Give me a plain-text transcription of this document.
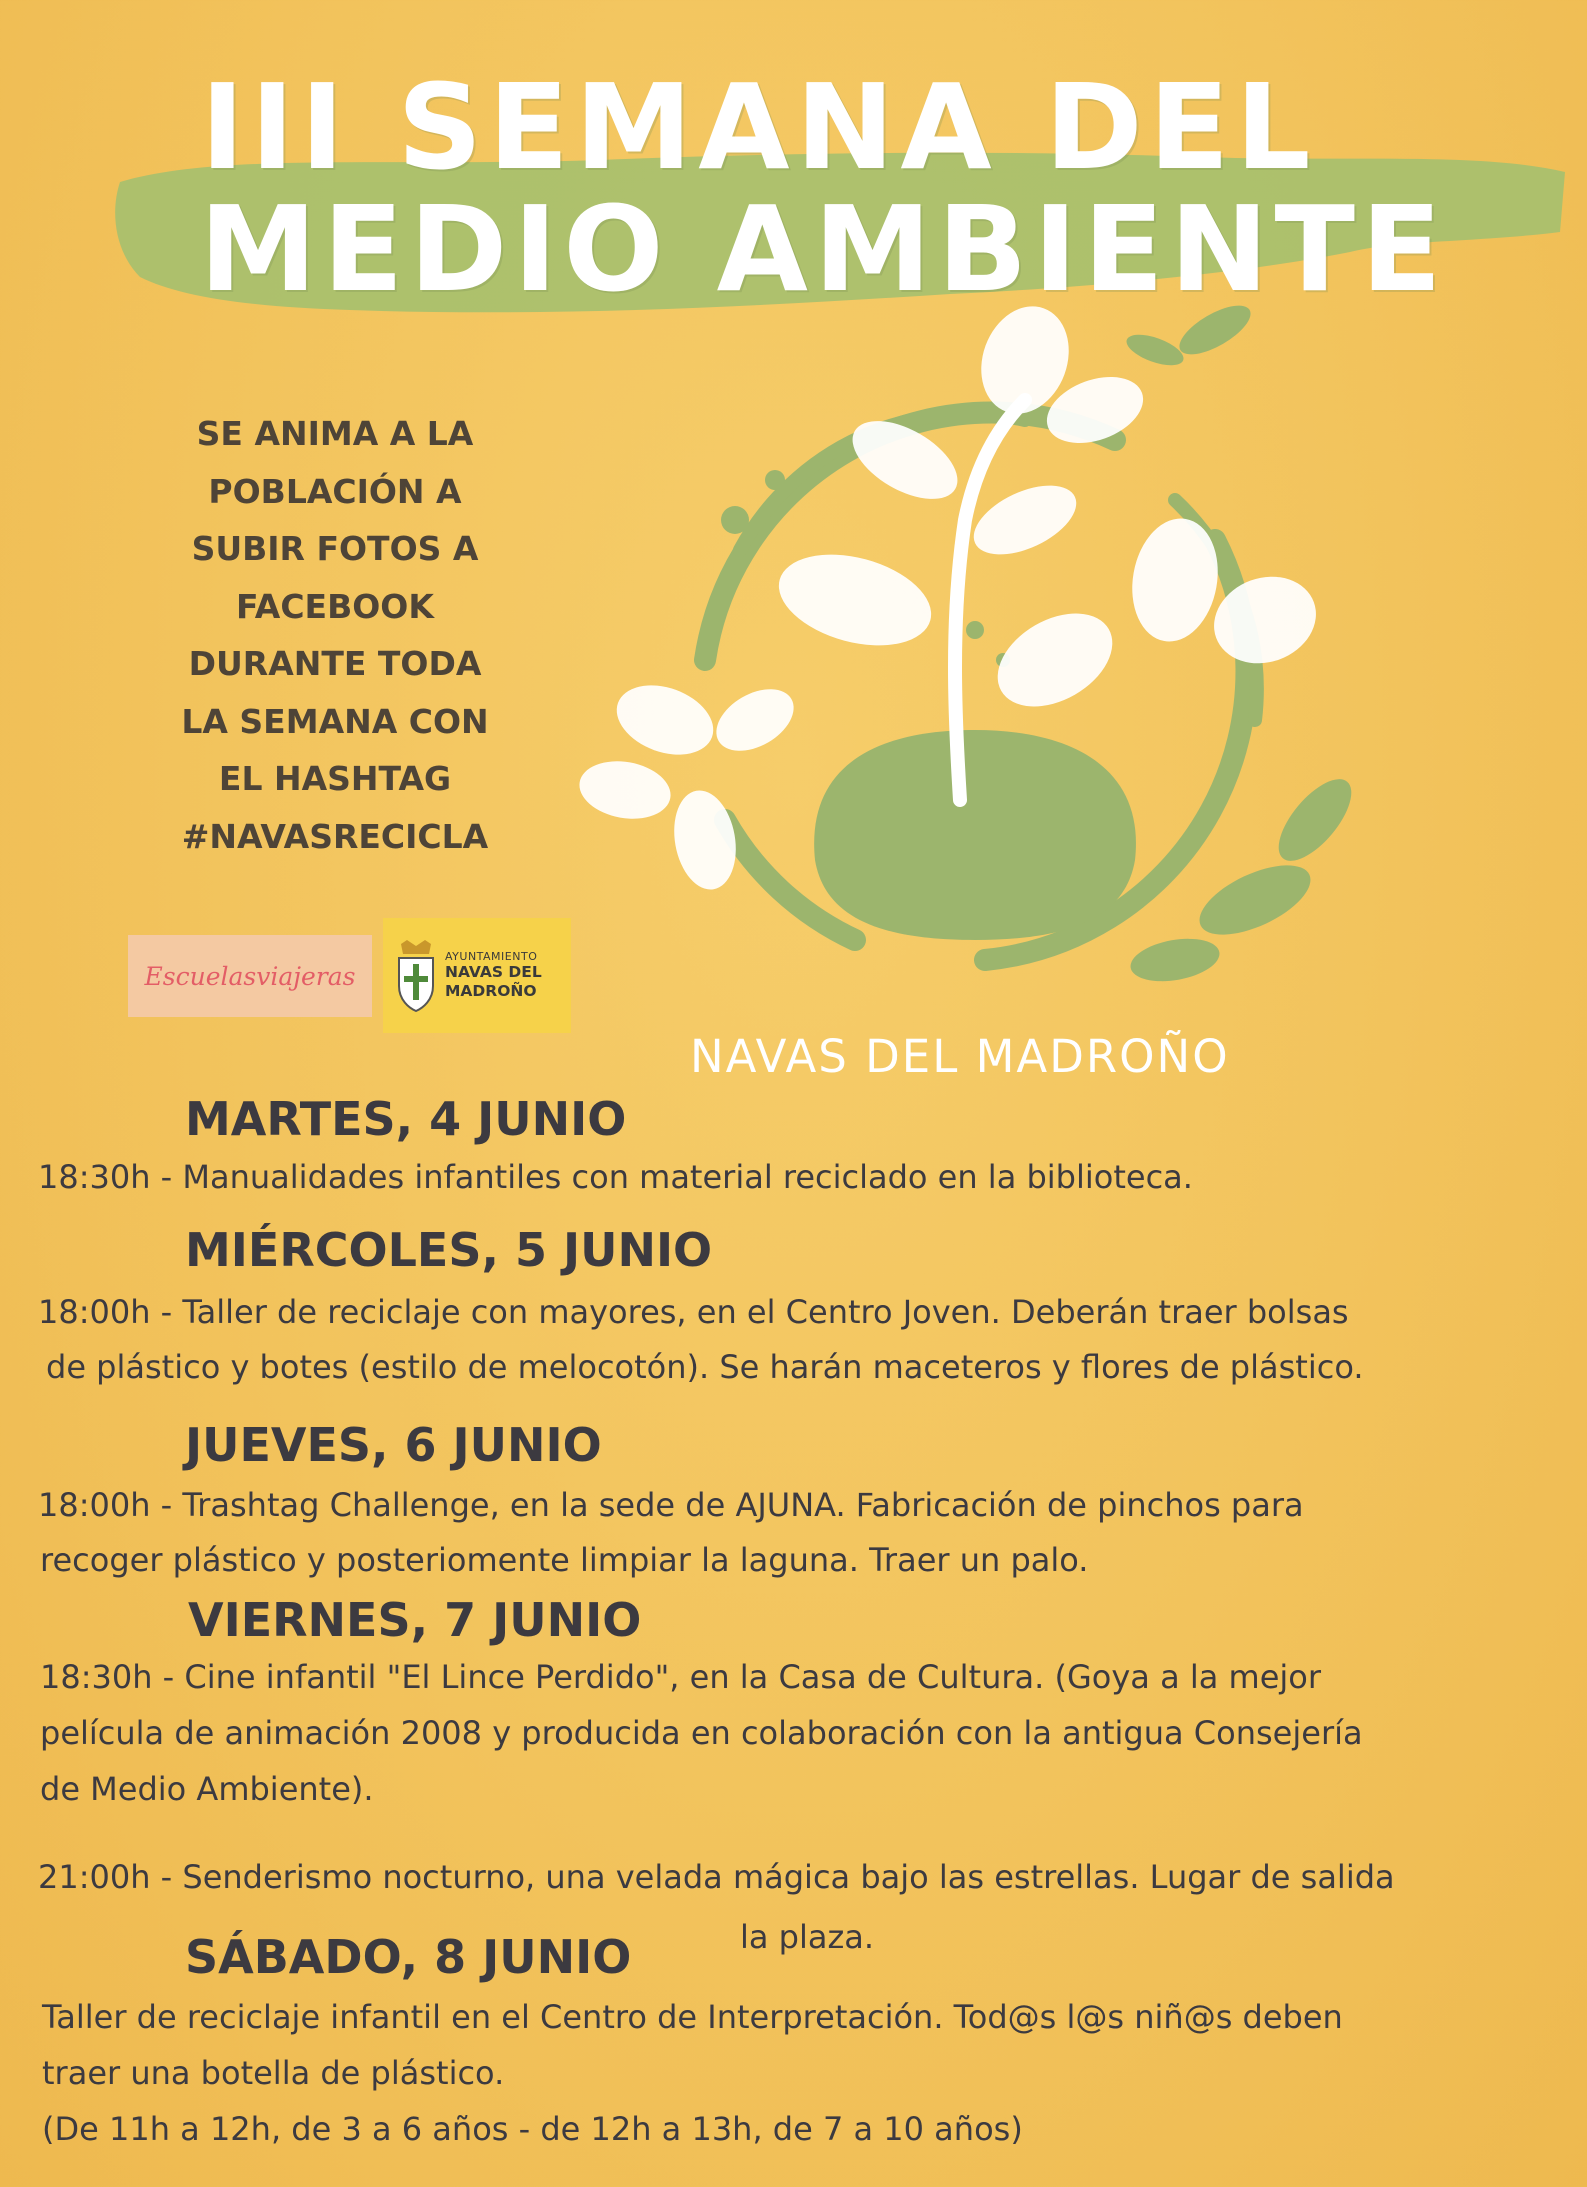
III SEMANA DEL
MEDIO AMBIENTE
SE ANIMA A LA
POBLACIÓN A
SUBIR FOTOS A
FACEBOOK
DURANTE TODA
LA SEMANA CON
EL HASHTAG
#NAVASRECICLA
Escuelasviajeras
AYUNTAMIENTO
NAVAS DEL
MADROÑO
NAVAS DEL MADROÑO
MARTES, 4 JUNIO
18:30h - Manualidades infantiles con material reciclado en la biblioteca.
MIÉRCOLES, 5 JUNIO
18:00h - Taller de reciclaje con mayores, en el Centro Joven. Deberán traer bolsas
de plástico y botes (estilo de melocotón). Se harán maceteros y flores de plástico.
JUEVES, 6 JUNIO
18:00h - Trashtag Challenge, en la sede de AJUNA. Fabricación de pinchos para
recoger plástico y posteriomente limpiar la laguna. Traer un palo.
VIERNES, 7 JUNIO
18:30h - Cine infantil "El Lince Perdido", en la Casa de Cultura. (Goya a la mejor
película de animación 2008 y producida en colaboración con la antigua Consejería
de Medio Ambiente).
21:00h - Senderismo nocturno, una velada mágica bajo las estrellas. Lugar de salida
la plaza.
SÁBADO, 8 JUNIO
Taller de reciclaje infantil en el Centro de Interpretación. Tod@s l@s niñ@s deben
traer una botella de plástico.
(De 11h a 12h, de 3 a 6 años - de 12h a 13h, de 7 a 10 años)
